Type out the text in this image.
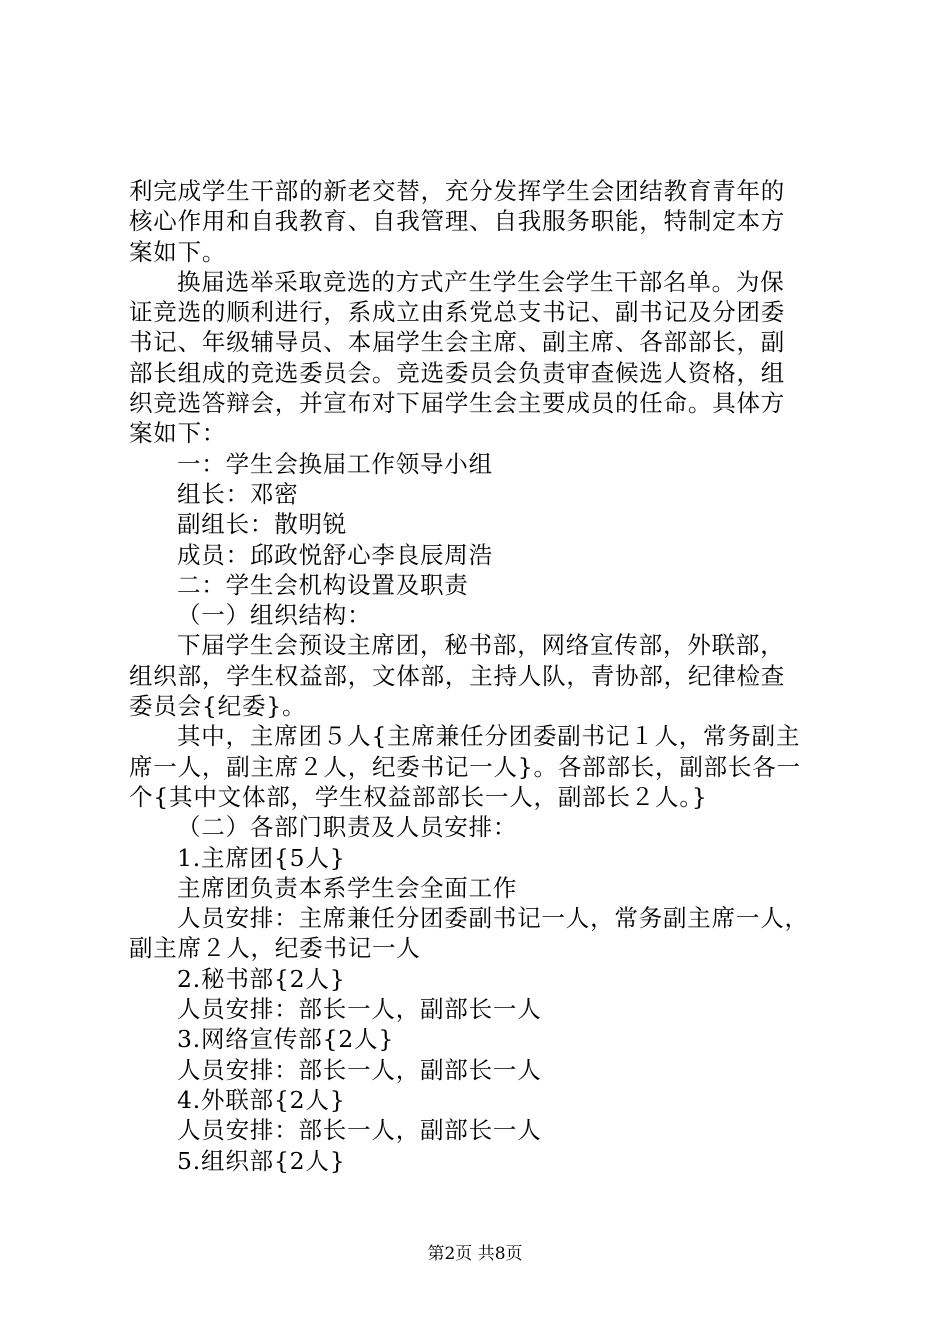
利完成学生干部的新老交替，充分发挥学生会团结教育青年的
核心作用和自我教育、自我管理、自我服务职能，特制定本方
案如下。
换届选举采取竞选的方式产生学生会学生干部名单。为保
证竞选的顺利进行，系成立由系党总支书记、副书记及分团委
书记、年级辅导员、本届学生会主席、副主席、各部部长，副
部长组成的竞选委员会。竞选委员会负责审查候选人资格，组
织竞选答辩会，并宣布对下届学生会主要成员的任命。具体方
案如下：
一：学生会换届工作领导小组
组长：邓密
副组长：散明锐
成员：邱政悦舒心李良辰周浩
二：学生会机构设置及职责
（一）组织结构：
下届学生会预设主席团，秘书部，网络宣传部，外联部，
组织部，学生权益部，文体部，主持人队，青协部，纪律检查
委员会{纪委}。
其中，主席团５人{主席兼任分团委副书记１人，常务副主
席一人，副主席２人，纪委书记一人}。各部部长，副部长各一
个{其中文体部，学生权益部部长一人，副部长２人。}
（二）各部门职责及人员安排：
1.主席团{5人}
主席团负责本系学生会全面工作
人员安排：主席兼任分团委副书记一人，常务副主席一人，
副主席２人，纪委书记一人
2.秘书部{2人}
人员安排：部长一人，副部长一人
3.网络宣传部{2人}
人员安排：部长一人，副部长一人
4.外联部{2人}
人员安排：部长一人，副部长一人
5.组织部{2人}
第2页 共8页
